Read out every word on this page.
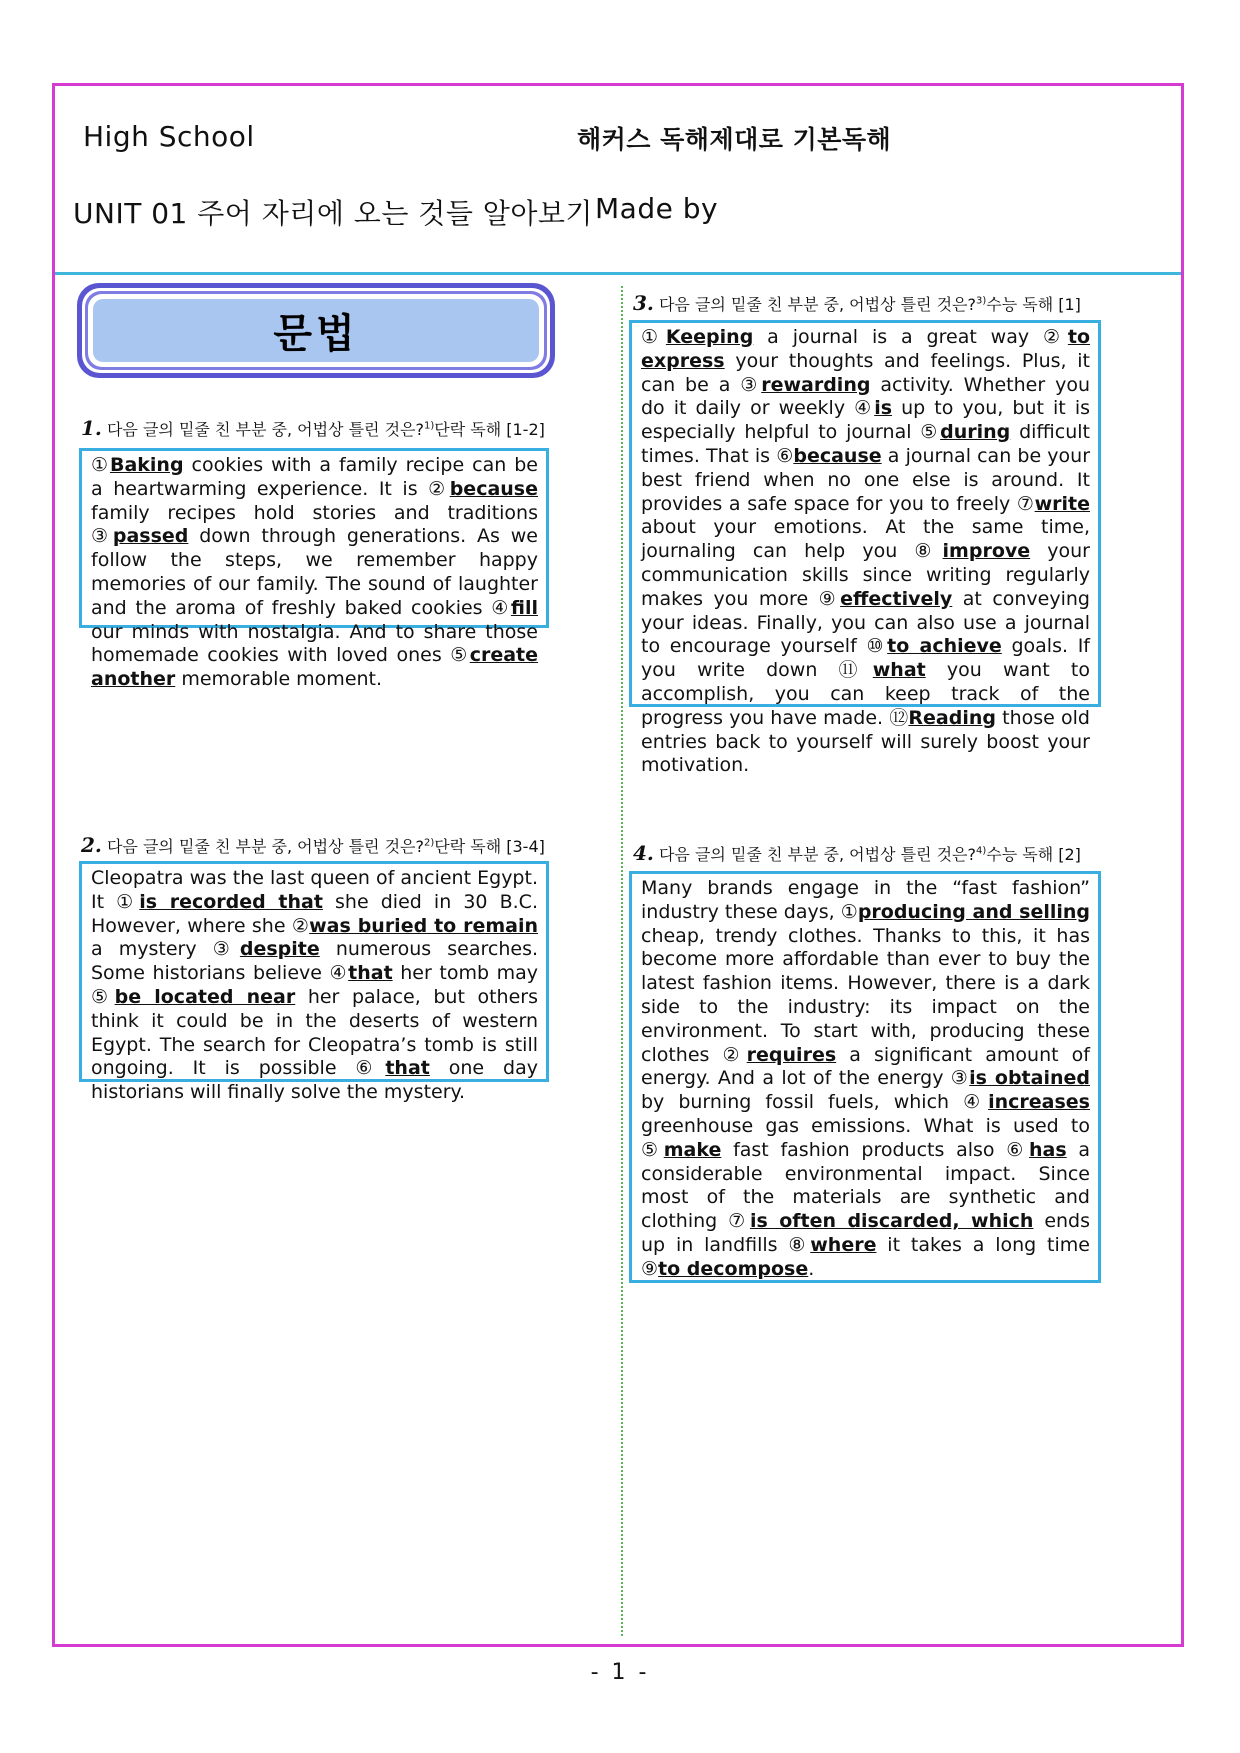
High School	해커스 독해제대로 기본독해
UNIT 01 주어 자리에 오는 것들 알아보기 Made by
문법
1. 다음 글의 밑줄 친 부분 중, 어법상 틀린 것은?$^{1)}$단락 독해 [1-2]

①Baking cookies with a family recipe can be a heartwarming experience. It is ②because family recipes hold stories and traditions ③passed down through generations. As we follow the steps, we remember happy memories of our family. The sound of laughter and the aroma of freshly baked cookies ④fill our minds with nostalgia. And to share those homemade cookies with loved ones ⑤create another memorable moment.

2. 다음 글의 밑줄 친 부분 중, 어법상 틀린 것은?$^{2)}$단락 독해 [3-4]

Cleopatra was the last queen of ancient Egypt. It ①is recorded that she died in 30 B.C. However, where she ②was buried to remain a mystery ③despite numerous searches. Some historians believe ④that her tomb may ⑤be located near her palace, but others think it could be in the deserts of western Egypt. The search for Cleopatra’s tomb is still ongoing. It is possible ⑥that one day historians will finally solve the mystery.

3. 다음 글의 밑줄 친 부분 중, 어법상 틀린 것은?$^{3)}$수능 독해 [1]

①Keeping a journal is a great way ②to express your thoughts and feelings. Plus, it can be a ③rewarding activity. Whether you do it daily or weekly ④is up to you, but it is especially helpful to journal ⑤during difficult times. That is ⑥because a journal can be your best friend when no one else is around. It provides a safe space for you to freely ⑦write about your emotions. At the same time, journaling can help you ⑧improve your communication skills since writing regularly makes you more ⑨effectively at conveying your ideas. Finally, you can also use a journal to encourage yourself ⑩to achieve goals. If you write down ⑪what you want to accomplish, you can keep track of the progress you have made. ⑫Reading those old entries back to yourself will surely boost your motivation.

4. 다음 글의 밑줄 친 부분 중, 어법상 틀린 것은?$^{4)}$수능 독해 [2]

Many brands engage in the “fast fashion” industry these days, ①producing and selling cheap, trendy clothes. Thanks to this, it has become more affordable than ever to buy the latest fashion items. However, there is a dark side to the industry: its impact on the environment. To start with, producing these clothes ②requires a significant amount of energy. And a lot of the energy ③is obtained by burning fossil fuels, which ④increases greenhouse gas emissions. What is used to ⑤make fast fashion products also ⑥has a considerable environmental impact. Since most of the materials are synthetic and clothing ⑦is often discarded, which ends up in landfills ⑧where it takes a long time ⑨to decompose.

- 1 -
